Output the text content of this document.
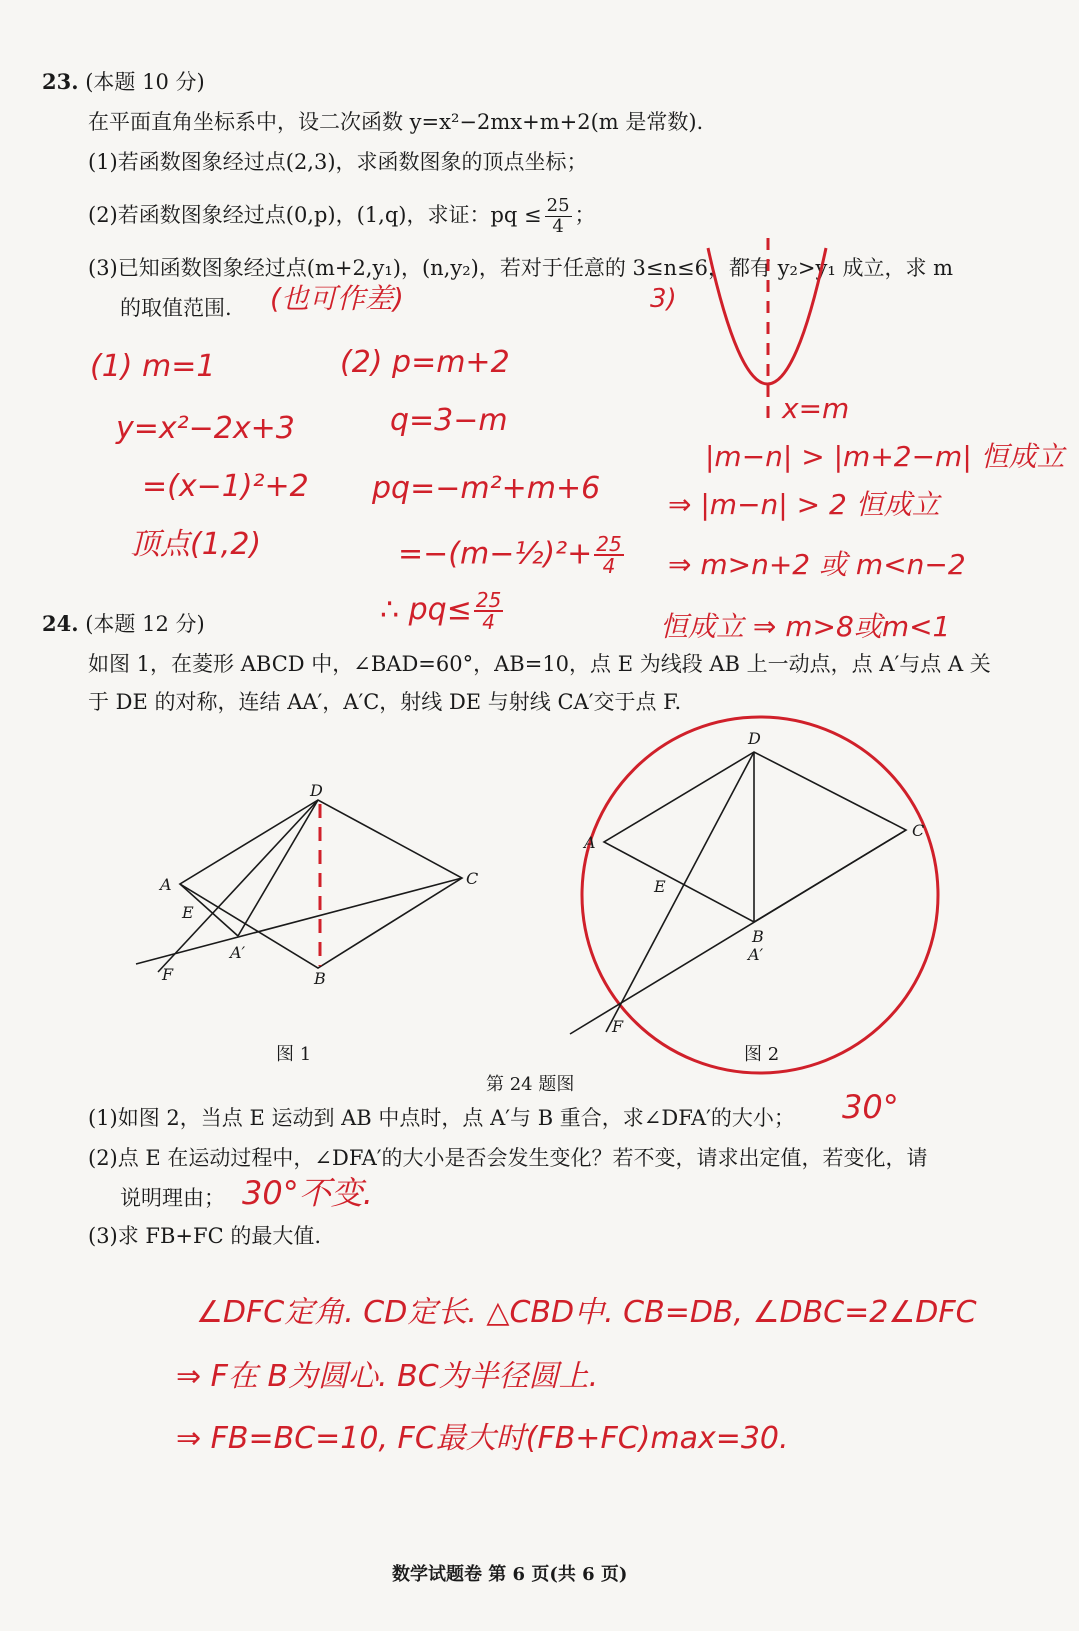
23. (本题 10 分)
在平面直角坐标系中，设二次函数 y=x²−2mx+m+2(m 是常数).
(1)若函数图象经过点(2,3)，求函数图象的顶点坐标；
(2)若函数图象经过点(0,p)，(1,q)，求证：pq ≤ $\frac{25}{4}$ ；
(3)已知函数图象经过点(m+2,y₁)，(n,y₂)，若对于任意的 3≤n≤6，都有 y₂>y₁ 成立，求 m
的取值范围. (也可作差)	3)
(1) m=1
y=x²−2x+3
=(x−1)²+2
顶点(1,2)
(2) p=m+2
q=3−m
pq=−m²+m+6
=−(m−½)²+ $\frac{25}{4}$
∴ $pq\le \frac{25}{4}$
x=m
|m−n| > |m+2−m| 恒成立
⇒ |m−n| > 2 恒成立
⇒ m>n+2 或 m<n−2
恒成立 ⇒ m>8或m<1
24. (本题 12 分)
如图 1，在菱形 ABCD 中，∠BAD=60°，AB=10，点 E 为线段 AB 上一动点，点 A′与点 A 关
于 DE 的对称，连结 AA′，A′C，射线 DE 与射线 CA′交于点 F.
D
A	C
E
A′
F	B
D
A
C
E
B
A′
F
图 1	图 2
第 24 题图
(1)如图 2，当点 E 运动到 AB 中点时，点 A′与 B 重合，求∠DFA′的大小； 30°
(2)点 E 在运动过程中，∠DFA′的大小是否会发生变化？若不变，请求出定值，若变化，请
说明理由； 30°不变.
(3)求 FB+FC 的最大值.
∠DFC定角. CD定长. △CBD中. CB=DB, ∠DBC=2∠DFC
⇒ F在 B为圆心. BC为半径圆上.
⇒ FB=BC=10, FC最大时(FB+FC)max=30.
数学试题卷 第 6 页(共 6 页)
